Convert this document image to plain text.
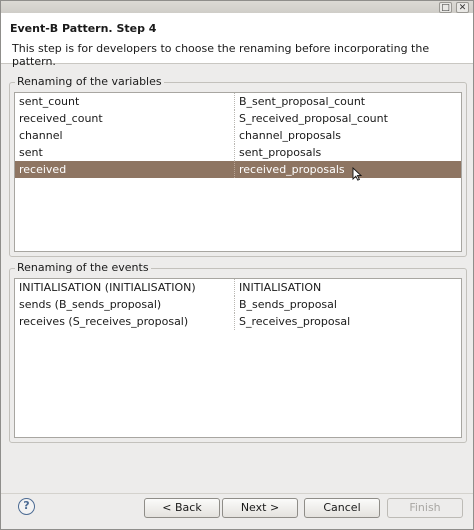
□ ✕
Event-B Pattern. Step 4
This step is for developers to choose the renaming before incorporating the pattern.
Renaming of the variables
sent_count	B_sent_proposal_count
received_count	S_received_proposal_count
channel	channel_proposals
sent	sent_proposals
received	received_proposals
Renaming of the events
INITIALISATION (INITIALISATION)	INITIALISATION
sends (B_sends_proposal)	B_sends_proposal
receives (S_receives_proposal)	S_receives_proposal
?	< Back	Next >	Cancel	Finish
